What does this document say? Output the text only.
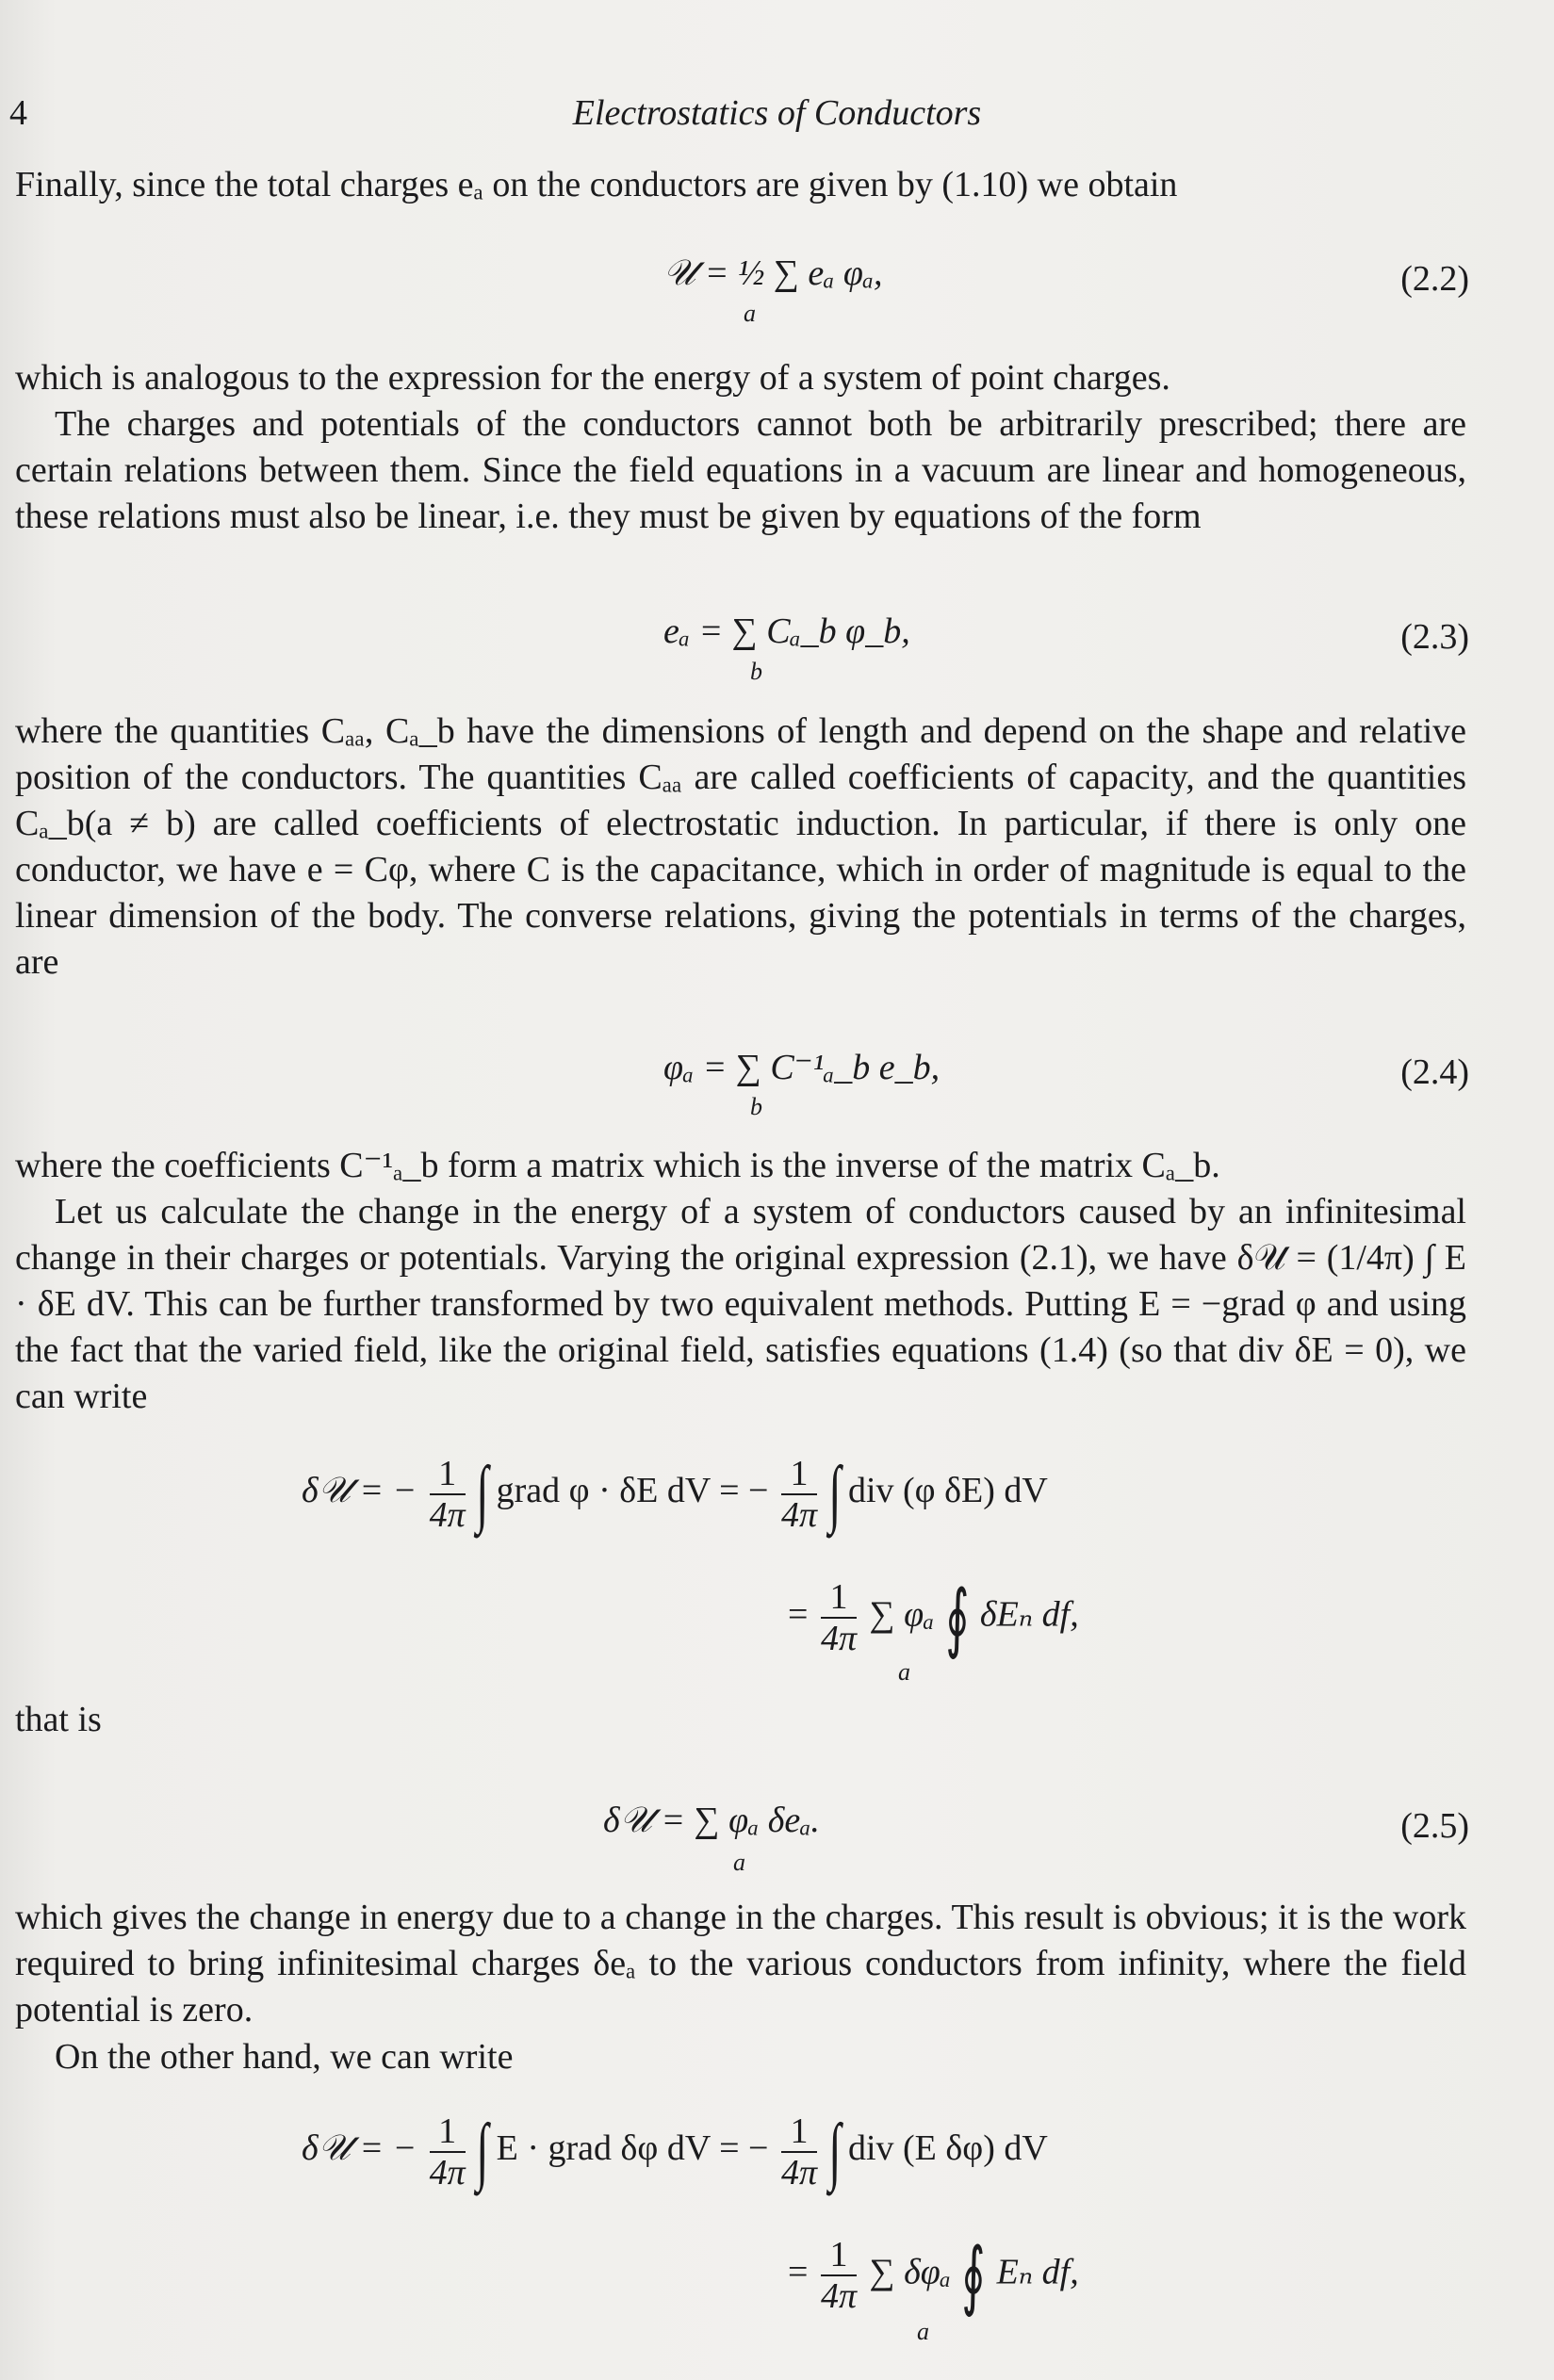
4	Electrostatics of Conductors
Finally, since the total charges eₐ on the conductors are given by (1.10) we obtain
𝒰 = ½ ∑ eₐ φₐ,
a
(2.2)
which is analogous to the expression for the energy of a system of point charges.
The charges and potentials of the conductors cannot both be arbitrarily prescribed; there are certain relations between them. Since the field equations in a vacuum are linear and homogeneous, these relations must also be linear, i.e. they must be given by equations of the form
eₐ = ∑ Cₐ_b φ_b,
b
(2.3)
where the quantities Cₐₐ, Cₐ_b have the dimensions of length and depend on the shape and relative position of the conductors. The quantities Cₐₐ are called coefficients of capacity, and the quantities Cₐ_b(a ≠ b) are called coefficients of electrostatic induction. In particular, if there is only one conductor, we have e = Cφ, where C is the capacitance, which in order of magnitude is equal to the linear dimension of the body. The converse relations, giving the potentials in terms of the charges, are
φₐ = ∑ C⁻¹ₐ_b e_b,
b
(2.4)
where the coefficients C⁻¹ₐ_b form a matrix which is the inverse of the matrix Cₐ_b.
Let us calculate the change in the energy of a system of conductors caused by an infinitesimal change in their charges or potentials. Varying the original expression (2.1), we have δ𝒰 = (1/4π) ∫ E · δE dV. This can be further transformed by two equivalent methods. Putting E = −grad φ and using the fact that the varied field, like the original field, satisfies equations (1.4) (so that div δE = 0), we can write
δ𝒰 = − $\frac{1}{4\pi}$ ∫ grad φ · δE dV = − $\frac{1}{4\pi}$ ∫ div (φ δE) dV
= $\frac{1}{4\pi}$ ∑ φₐ ∮ δEₙ df,
a
that is
δ𝒰 = ∑ φₐ δeₐ.
a
(2.5)
which gives the change in energy due to a change in the charges. This result is obvious; it is the work required to bring infinitesimal charges δeₐ to the various conductors from infinity, where the field potential is zero.
On the other hand, we can write
δ𝒰 = − $\frac{1}{4\pi}$ ∫ E · grad δφ dV = − $\frac{1}{4\pi}$ ∫ div (E δφ) dV
= $\frac{1}{4\pi}$ ∑ δφₐ ∮ Eₙ df,
a
